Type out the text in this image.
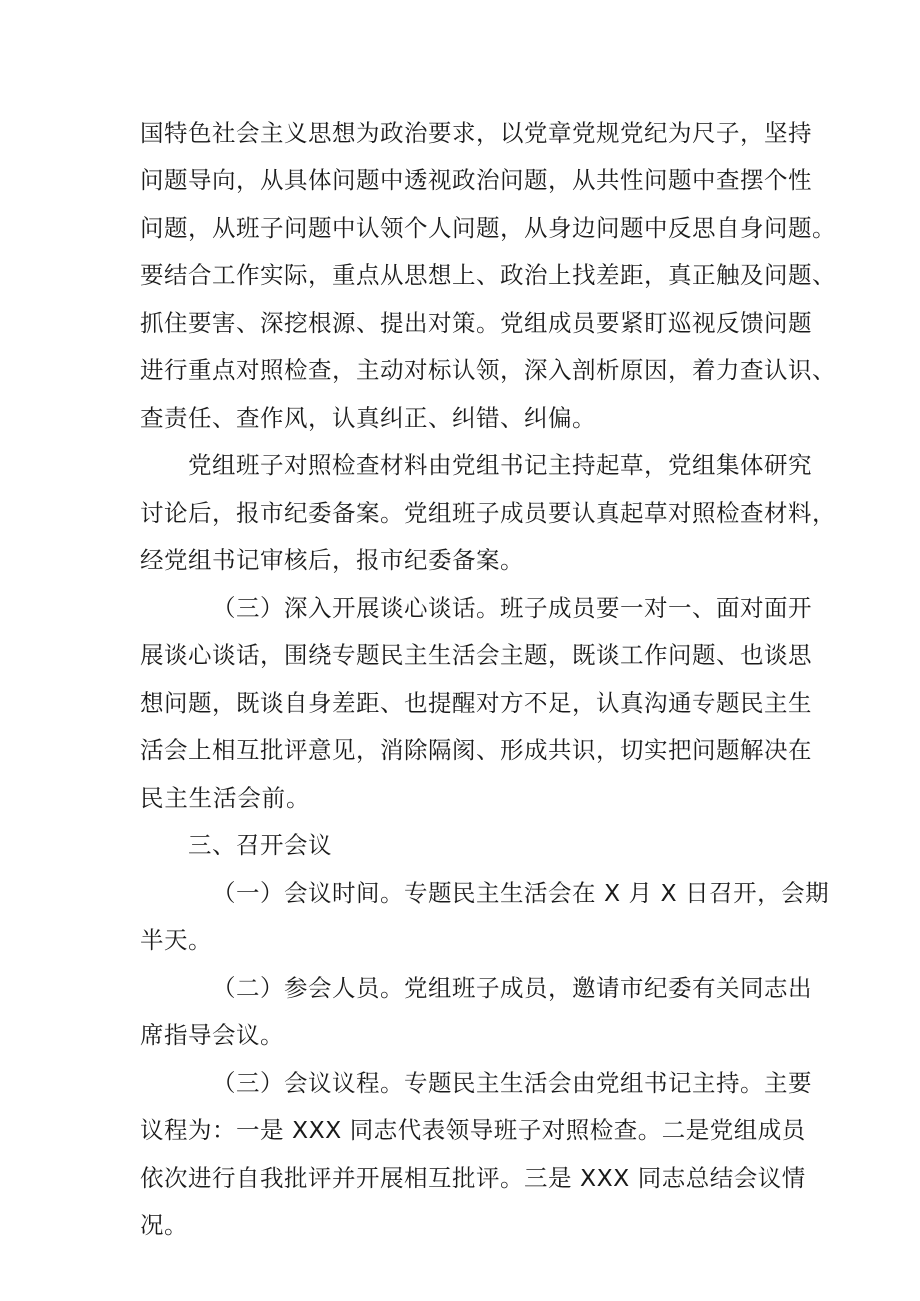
国特色社会主义思想为政治要求，以党章党规党纪为尺子，坚持
问题导向，从具体问题中透视政治问题，从共性问题中查摆个性
问题，从班子问题中认领个人问题，从身边问题中反思自身问题。
要结合工作实际，重点从思想上、政治上找差距，真正触及问题、
抓住要害、深挖根源、提出对策。党组成员要紧盯巡视反馈问题
进行重点对照检查，主动对标认领，深入剖析原因，着力查认识、
查责任、查作风，认真纠正、纠错、纠偏。
党组班子对照检查材料由党组书记主持起草，党组集体研究
讨论后，报市纪委备案。党组班子成员要认真起草对照检查材料，
经党组书记审核后，报市纪委备案。
（三）深入开展谈心谈话。班子成员要一对一、面对面开
展谈心谈话，围绕专题民主生活会主题，既谈工作问题、也谈思
想问题，既谈自身差距、也提醒对方不足，认真沟通专题民主生
活会上相互批评意见，消除隔阂、形成共识，切实把问题解决在
民主生活会前。
三、召开会议
（一）会议时间。专题民主生活会在 X 月 X 日召开，会期
半天。
（二）参会人员。党组班子成员，邀请市纪委有关同志出
席指导会议。
（三）会议议程。专题民主生活会由党组书记主持。主要
议程为：一是 XXX 同志代表领导班子对照检查。二是党组成员
依次进行自我批评并开展相互批评。三是 XXX 同志总结会议情
况。
